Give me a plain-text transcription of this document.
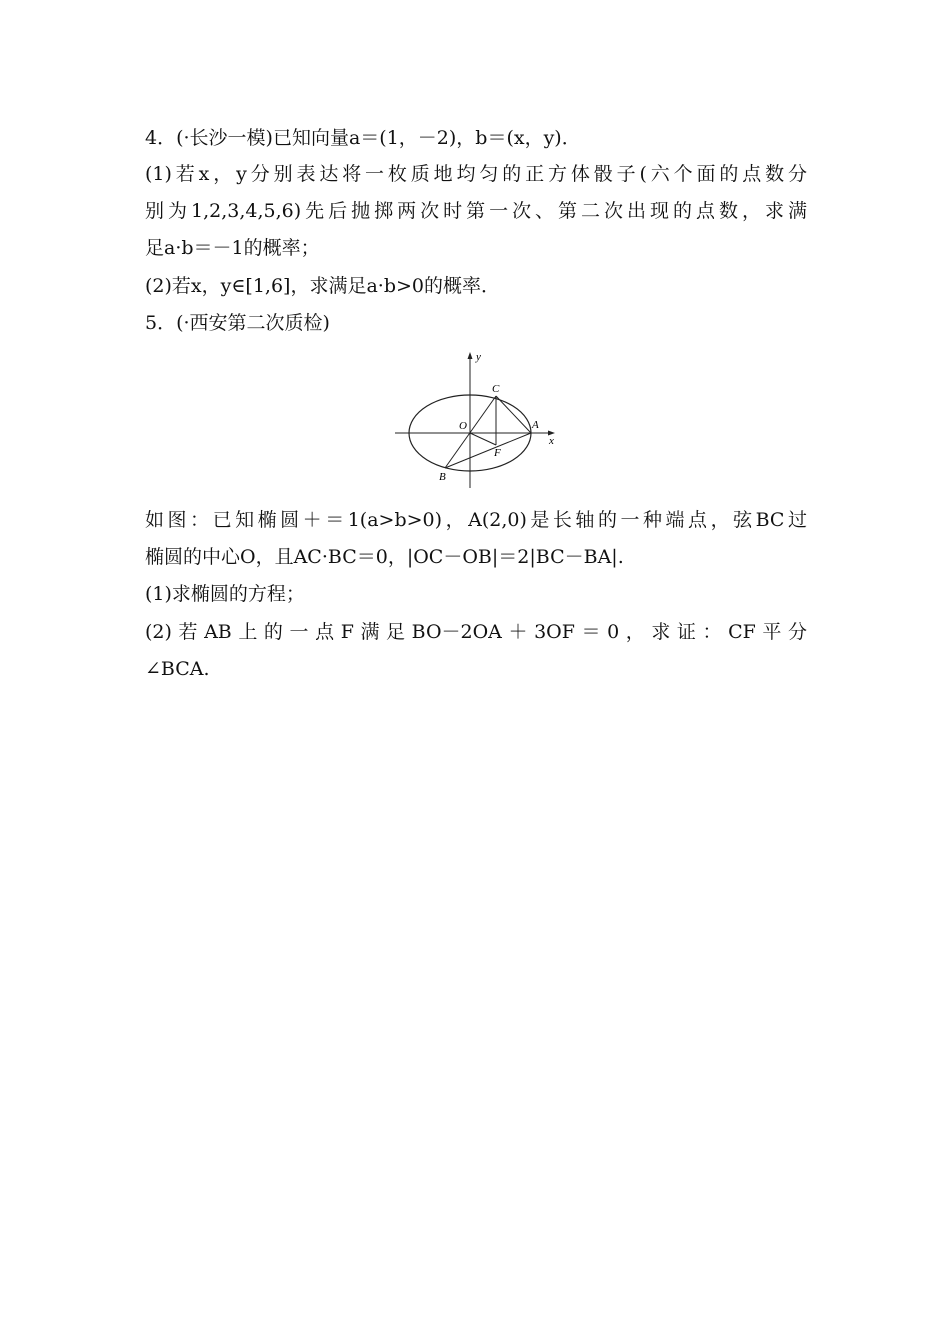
4．(·长沙一模)已知向量a＝(1，－2)，b＝(x，y)．
(1)若x，y分别表达将一枚质地均匀的正方体骰子(六个面的点数分
别为1,2,3,4,5,6)先后抛掷两次时第一次、第二次出现的点数，求满
足a·b＝－1的概率；
(2)若x，y∈[1,6]，求满足a·b>0的概率．
5．(·西安第二次质检)
y
x
O	A
B
C
F
如图：已知椭圆＋＝1(a>b>0)，A(2,0)是长轴的一种端点，弦BC过
椭圆的中心O，且AC·BC＝0，|OC－OB|＝2|BC－BA|.
(1)求椭圆的方程；
(2)若AB上的一点F满足BO－2OA＋3OF＝0，求证：CF平分
∠BCA.
